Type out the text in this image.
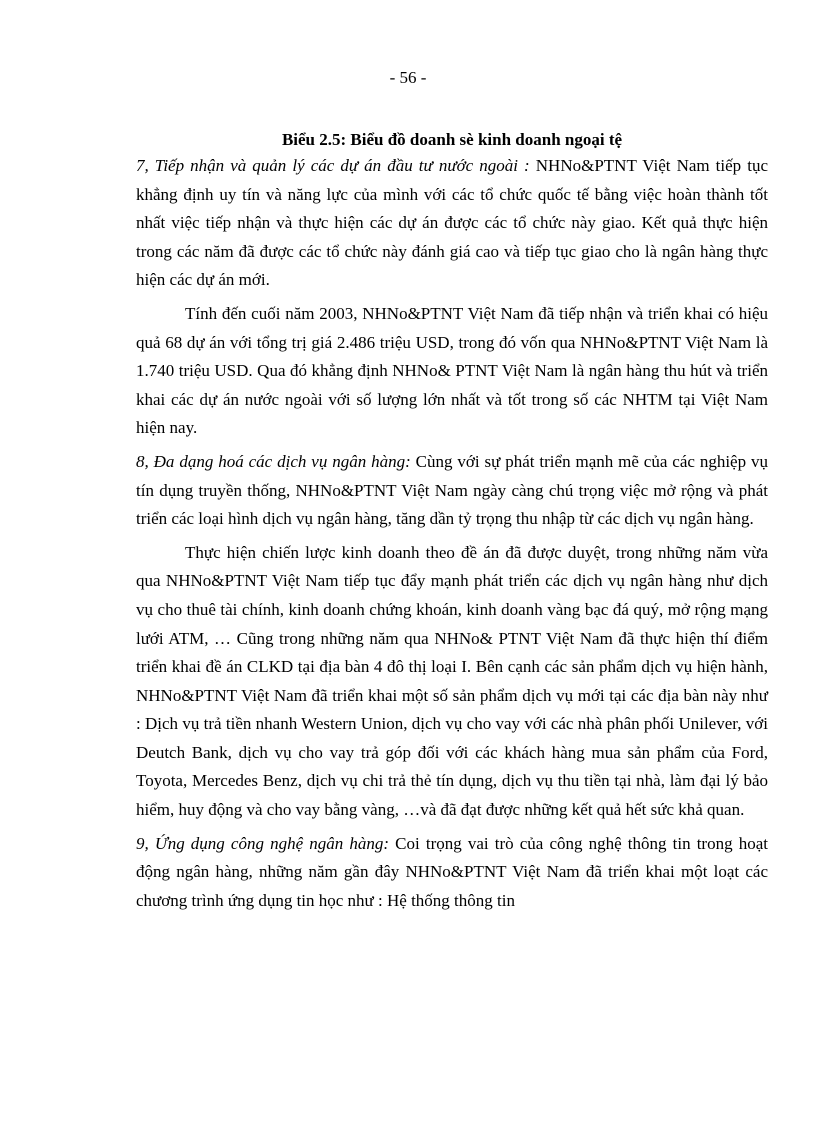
- 56 -

Biểu 2.5: Biểu đồ doanh sè kinh doanh ngoại tệ

7, Tiếp nhận và quản lý các dự án đầu tư nước ngoài : NHNo&PTNT Việt Nam tiếp tục khẳng định uy tín và năng lực của mình với các tổ chức quốc tế bằng việc hoàn thành tốt nhất việc tiếp nhận và thực hiện các dự án được các tổ chức này giao. Kết quả thực hiện trong các năm đã được các tổ chức này đánh giá cao và tiếp tục giao cho là ngân hàng thực hiện các dự án mới.

Tính đến cuối năm 2003, NHNo&PTNT Việt Nam đã tiếp nhận và triển khai có hiệu quả 68 dự án với tổng trị giá 2.486 triệu USD, trong đó vốn qua NHNo&PTNT Việt Nam là 1.740 triệu USD. Qua đó khẳng định NHNo& PTNT Việt Nam là ngân hàng thu hút và triển khai các dự án nước ngoài với số lượng lớn nhất và tốt trong số các NHTM tại Việt Nam hiện nay.

8, Đa dạng hoá các dịch vụ ngân hàng: Cùng với sự phát triển mạnh mẽ của các nghiệp vụ tín dụng truyền thống, NHNo&PTNT Việt Nam ngày càng chú trọng việc mở rộng và phát triển các loại hình dịch vụ ngân hàng, tăng dần tỷ trọng thu nhập từ các dịch vụ ngân hàng.

Thực hiện chiến lược kinh doanh theo đề án đã được duyệt, trong những năm vừa qua NHNo&PTNT Việt Nam tiếp tục đẩy mạnh phát triển các dịch vụ ngân hàng như dịch vụ cho thuê tài chính, kinh doanh chứng khoán, kinh doanh vàng bạc đá quý, mở rộng mạng lưới ATM, … Cũng trong những năm qua NHNo& PTNT Việt Nam đã thực hiện thí điểm triển khai đề án CLKD tại địa bàn 4 đô thị loại I. Bên cạnh các sản phẩm dịch vụ hiện hành, NHNo&PTNT Việt Nam đã triển khai một số sản phẩm dịch vụ mới tại các địa bàn này như : Dịch vụ trả tiền nhanh Western Union, dịch vụ cho vay với các nhà phân phối Unilever, với Deutch Bank, dịch vụ cho vay trả góp đối với các khách hàng mua sản phẩm của Ford, Toyota, Mercedes Benz, dịch vụ chi trả thẻ tín dụng, dịch vụ thu tiền tại nhà, làm đại lý bảo hiểm, huy động và cho vay bằng vàng, …và đã đạt được những kết quả hết sức khả quan.

9, Ứng dụng công nghệ ngân hàng: Coi trọng vai trò của công nghệ thông tin trong hoạt động ngân hàng, những năm gần đây NHNo&PTNT Việt Nam đã triển khai một loạt các chương trình ứng dụng tin học như : Hệ thống thông tin
